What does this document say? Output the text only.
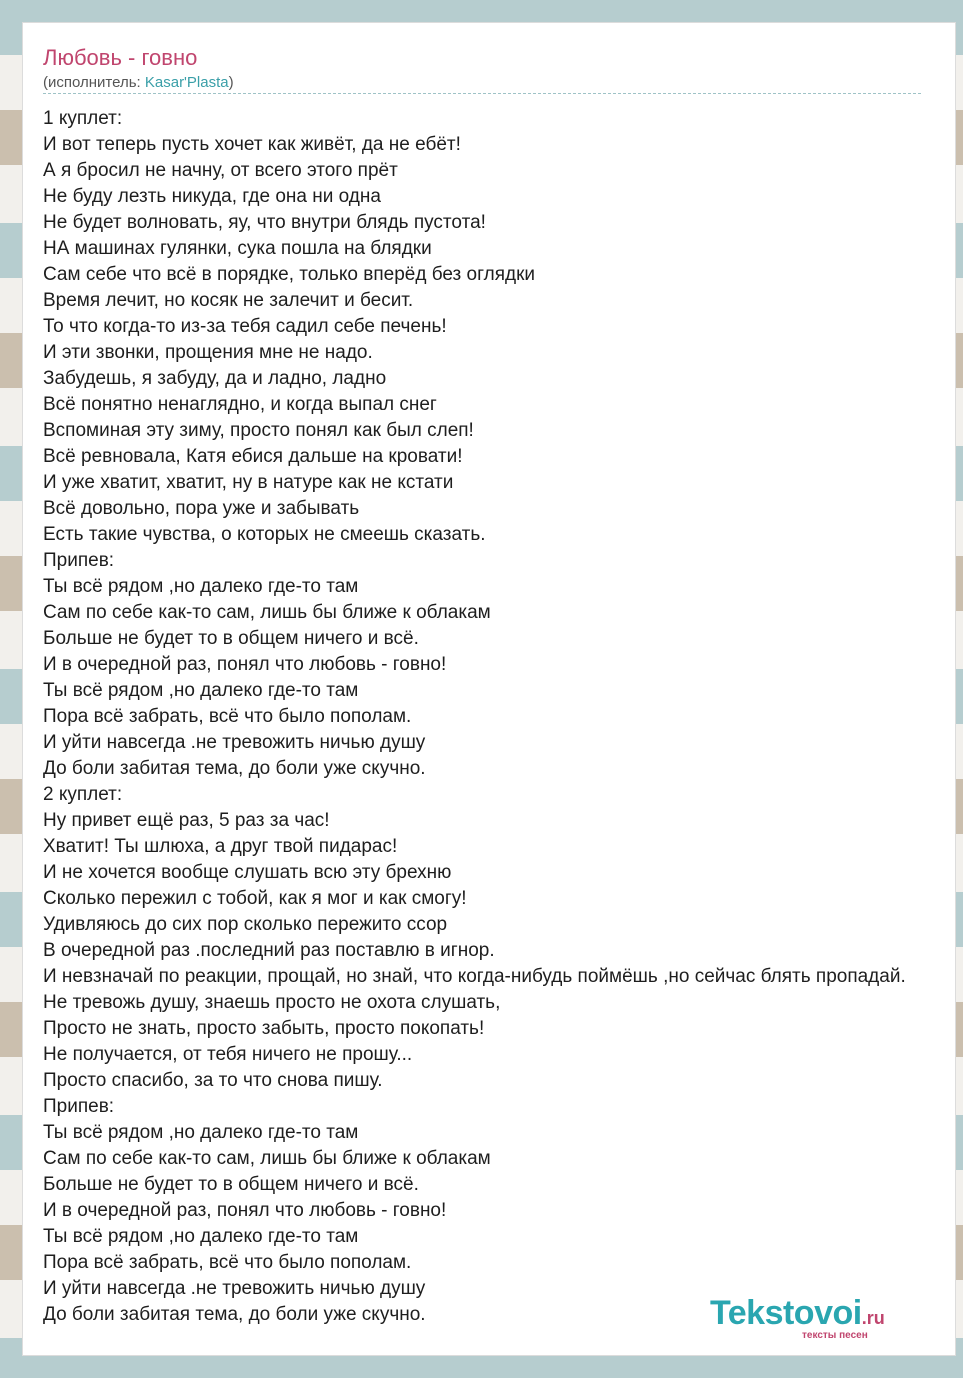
Любовь - говно
(исполнитель: Kasar'Plasta)
1 куплет:
И вот теперь пусть хочет как живёт, да не ебёт!
А я бросил не начну, от всего этого прёт
Не буду лезть никуда, где она ни одна
Не будет волновать, яу, что внутри блядь пустота!
НА машинах гулянки, сука пошла на блядки
Сам себе что всё в порядке, только вперёд без оглядки
Время лечит, но косяк не залечит и бесит.
То что когда-то из-за тебя садил себе печень!
И эти звонки, прощения мне не надо.
Забудешь, я забуду, да и ладно, ладно
Всё понятно ненаглядно, и когда выпал снег
Вспоминая эту зиму, просто понял как был слеп!
Всё ревновала, Катя ебися дальше на кровати!
И уже хватит, хватит, ну в натуре как не кстати
Всё довольно, пора уже и забывать
Есть такие чувства, о которых не смеешь сказать.
Припев:
Ты всё рядом ,но далеко где-то там
Сам по себе как-то сам, лишь бы ближе к облакам
Больше не будет то в общем ничего и всё.
И в очередной раз, понял что любовь - говно!
Ты всё рядом ,но далеко где-то там
Пора всё забрать, всё что было пополам.
И уйти навсегда .не тревожить ничью душу
До боли забитая тема, до боли уже скучно.
2 куплет:
Ну привет ещё раз, 5 раз за час!
Хватит! Ты шлюха, а друг твой пидарас!
И не хочется вообще слушать всю эту брехню
Сколько пережил с тобой, как я мог и как смогу!
Удивляюсь до сих пор сколько пережито ссор
В очередной раз .последний раз поставлю в игнор.
И невзначай по реакции, прощай, но знай, что когда-нибудь поймёшь ,но сейчас блять пропадай.
Не тревожь душу, знаешь просто не охота слушать,
Просто не знать, просто забыть, просто покопать!
Не получается, от тебя ничего не прошу...
Просто спасибо, за то что снова пишу.
Припев:
Ты всё рядом ,но далеко где-то там
Сам по себе как-то сам, лишь бы ближе к облакам
Больше не будет то в общем ничего и всё.
И в очередной раз, понял что любовь - говно!
Ты всё рядом ,но далеко где-то там
Пора всё забрать, всё что было пополам.
И уйти навсегда .не тревожить ничью душу
До боли забитая тема, до боли уже скучно.	Tekstovoi.ru
тексты песен
